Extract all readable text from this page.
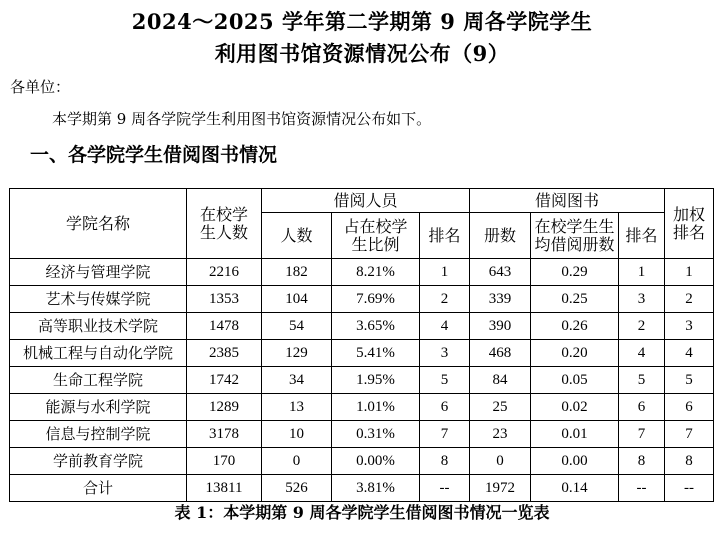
2024～2025 学年第二学期第 9 周各学院学生
利用图书馆资源情况公布（9）
各单位：
本学期第 9 周各学院学生利用图书馆资源情况公布如下。
一、各学院学生借阅图书情况
学院名称	在校学生人数	借阅人员			借阅图书			加权排名
		人数	占在校学生比例	排名	册数	在校学生生均借阅册数	排名	
经济与管理学院	2216	182	8.21%	1	643	0.29	1	1
艺术与传媒学院	1353	104	7.69%	2	339	0.25	3	2
高等职业技术学院	1478	54	3.65%	4	390	0.26	2	3
机械工程与自动化学院	2385	129	5.41%	3	468	0.20	4	4
生命工程学院	1742	34	1.95%	5	84	0.05	5	5
能源与水利学院	1289	13	1.01%	6	25	0.02	6	6
信息与控制学院	3178	10	0.31%	7	23	0.01	7	7
学前教育学院	170	0	0.00%	8	0	0.00	8	8
合计	13811	526	3.81%	--	1972	0.14	--	--
表 1：本学期第 9 周各学院学生借阅图书情况一览表
